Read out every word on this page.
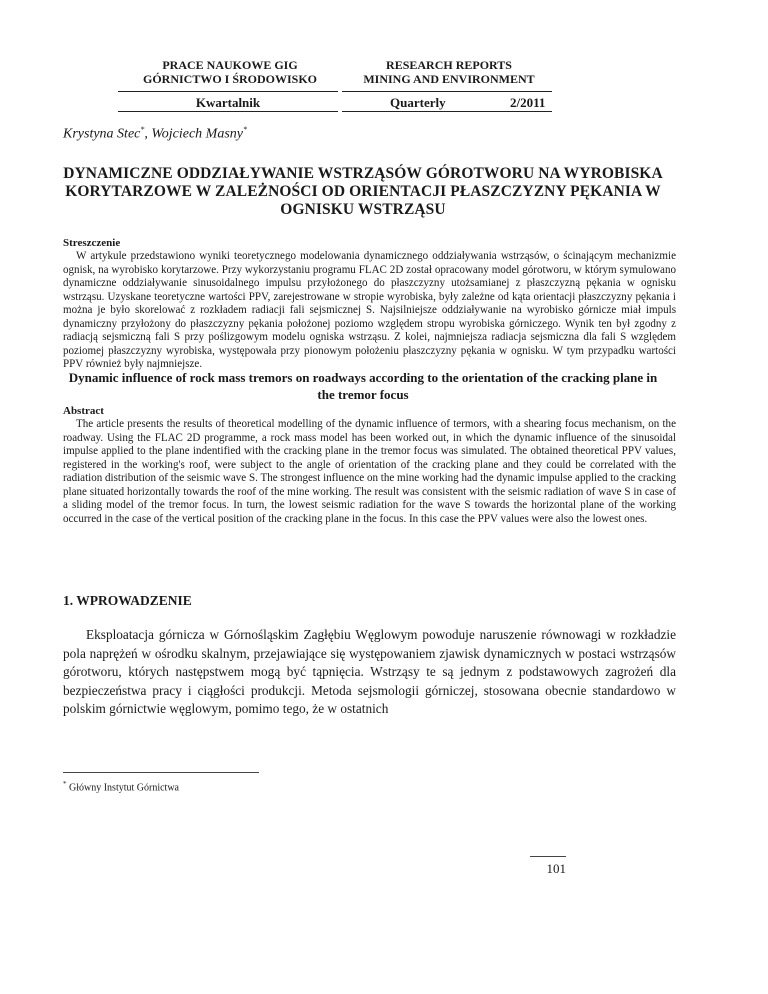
PRACE NAUKOWE GIG
GÓRNICTWO I ŚRODOWISKO
RESEARCH REPORTS
MINING AND ENVIRONMENT
Kwartalnik	Quarterly	2/2011
Krystyna Stec*, Wojciech Masny*
DYNAMICZNE ODDZIAŁYWANIE WSTRZĄSÓW GÓROTWORU NA WYROBISKA KORYTARZOWE W ZALEŻNOŚCI OD ORIENTACJI PŁASZCZYZNY PĘKANIA W OGNISKU WSTRZĄSU
Streszczenie
W artykule przedstawiono wyniki teoretycznego modelowania dynamicznego oddziaływania wstrząsów, o ścinającym mechanizmie ognisk, na wyrobisko korytarzowe. Przy wykorzystaniu programu FLAC 2D został opracowany model górotworu, w którym symulowano dynamiczne oddziaływanie sinusoidalnego impulsu przyłożonego do płaszczyzny utożsamianej z płaszczyzną pękania w ognisku wstrząsu. Uzyskane teoretyczne wartości PPV, zarejestrowane w stropie wyrobiska, były zależne od kąta orientacji płaszczyzny pękania i można je było skorelować z rozkładem radiacji fali sejsmicznej S. Najsilniejsze oddziaływanie na wyrobisko górnicze miał impuls dynamiczny przyłożony do płaszczyzny pękania położonej poziomo względem stropu wyrobiska górniczego. Wynik ten był zgodny z radiacją sejsmiczną fali S przy poślizgowym modelu ogniska wstrząsu. Z kolei, najmniejsza radiacja sejsmiczna dla fali S względem poziomej płaszczyzny wyrobiska, występowała przy pionowym położeniu płaszczyzny pękania w ognisku. W tym przypadku wartości PPV również były najmniejsze.
Dynamic influence of rock mass tremors on roadways according to the orientation of the cracking plane in the tremor focus
Abstract
The article presents the results of theoretical modelling of the dynamic influence of termors, with a shearing focus mechanism, on the roadway. Using the FLAC 2D programme, a rock mass model has been worked out, in which the dynamic influence of the sinusoidal impulse applied to the plane indentified with the cracking plane in the tremor focus was simulated. The obtained theoretical PPV values, registered in the working's roof, were subject to the angle of orientation of the cracking plane and they could be correlated with the radiation distribution of the seismic wave S. The strongest influence on the mine working had the dynamic impulse applied to the cracking plane situated horizontally towards the roof of the mine working. The result was consistent with the seismic radiation of wave S in case of a sliding model of the tremor focus. In turn, the lowest seismic radiation for the wave S towards the horizontal plane of the working occurred in the case of the vertical position of the cracking plane in the focus. In this case the PPV values were also the lowest ones.
1. WPROWADZENIE
Eksploatacja górnicza w Górnośląskim Zagłębiu Węglowym powoduje naruszenie równowagi w rozkładzie pola naprężeń w ośrodku skalnym, przejawiające się występowaniem zjawisk dynamicznych w postaci wstrząsów górotworu, których następstwem mogą być tąpnięcia. Wstrząsy te są jednym z podstawowych zagrożeń dla bezpieczeństwa pracy i ciągłości produkcji. Metoda sejsmologii górniczej, stosowana obecnie standardowo w polskim górnictwie węglowym, pomimo tego, że w ostatnich
* Główny Instytut Górnictwa
101
